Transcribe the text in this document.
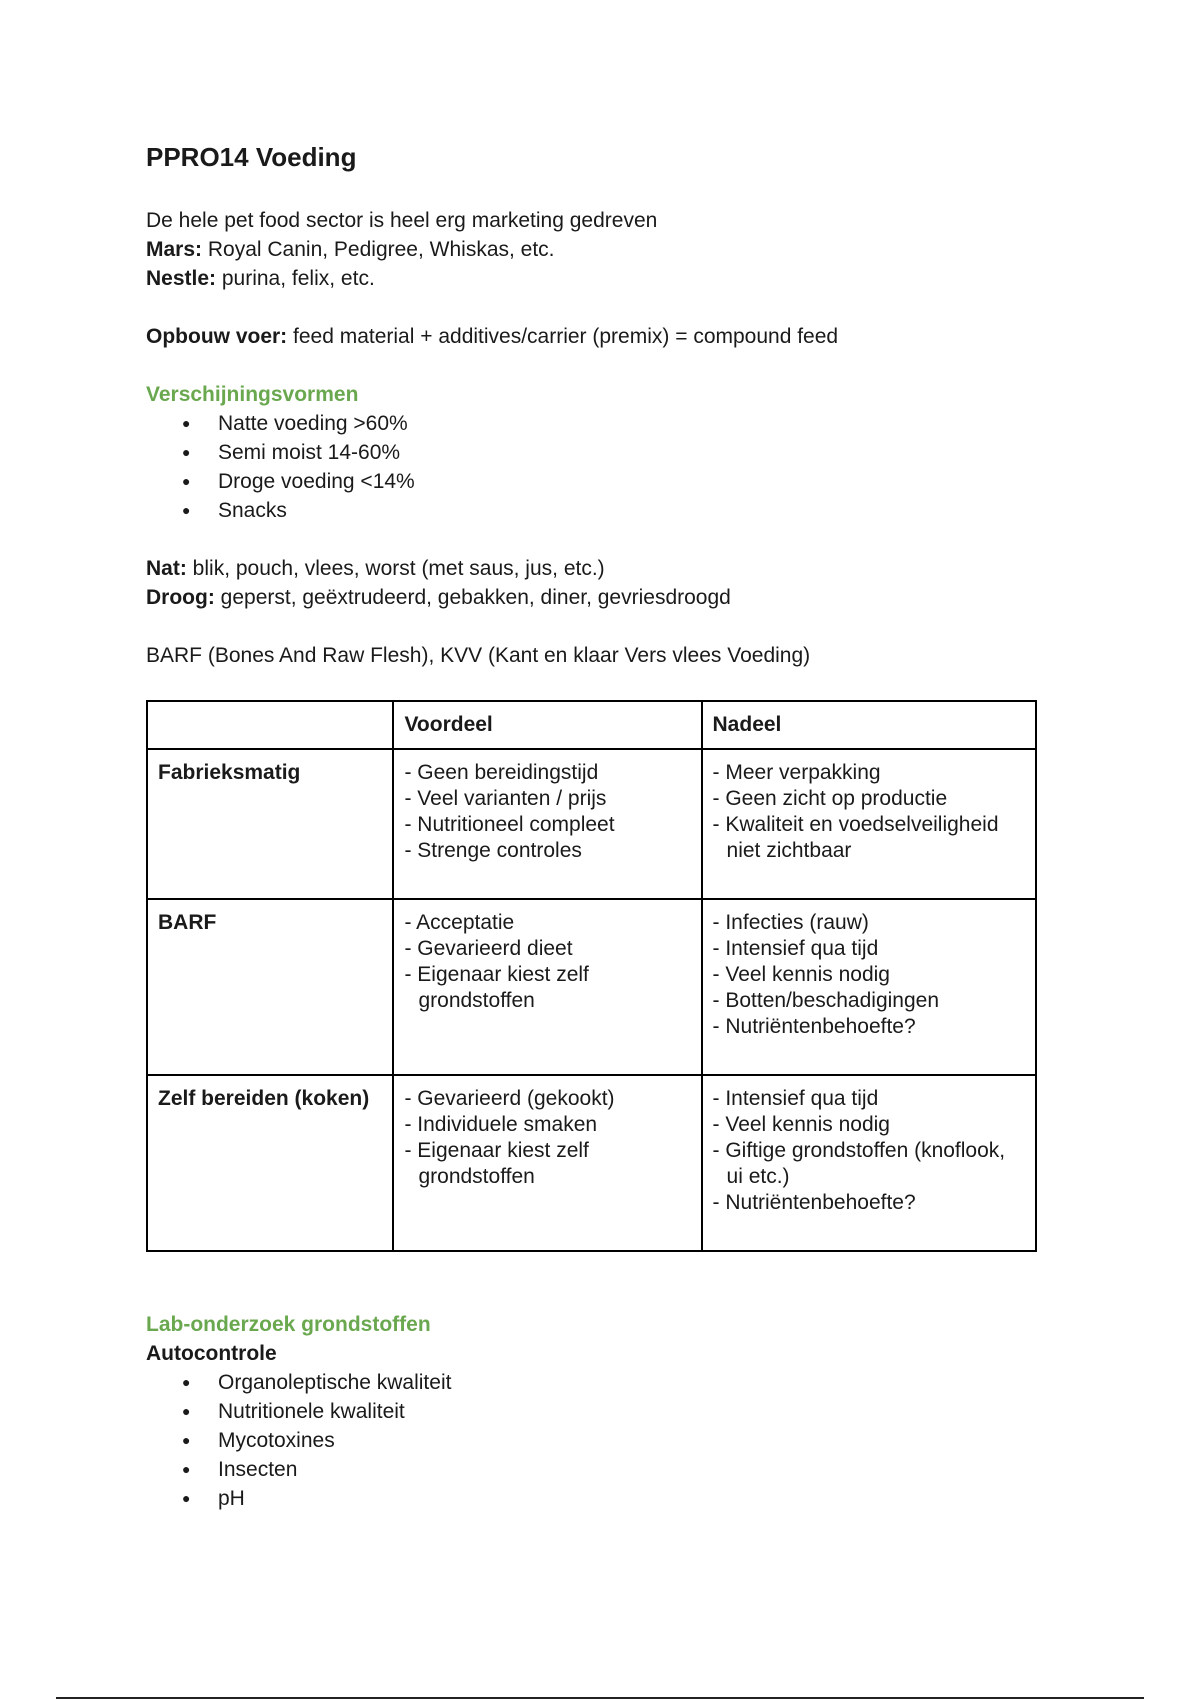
PPRO14 Voeding

De hele pet food sector is heel erg marketing gedreven

Mars: Royal Canin, Pedigree, Whiskas, etc.

Nestle: purina, felix, etc.

Opbouw voer: feed material + additives/carrier (premix) = compound feed

Verschijningsvormen

● Natte voeding >60%
● Semi moist 14-60%
● Droge voeding <14%
● Snacks

Nat: blik, pouch, vlees, worst (met saus, jus, etc.)

Droog: geperst, geëxtrudeerd, gebakken, diner, gevriesdroogd

BARF (Bones And Raw Flesh), KVV (Kant en klaar Vers vlees Voeding)

	Voordeel	Nadeel
Fabrieksmatig	- Geen bereidingstijd
- Veel varianten / prijs
- Nutritioneel compleet
- Strenge controles	- Meer verpakking
- Geen zicht op productie
- Kwaliteit en voedselveiligheid niet zichtbaar

BARF	- Acceptatie
- Gevarieerd dieet
- Eigenaar kiest zelf grondstoffen	- Infecties (rauw)
- Intensief qua tijd
- Veel kennis nodig
- Botten/beschadigingen
- Nutriëntenbehoefte?

Zelf bereiden (koken)	- Gevarieerd (gekookt)
- Individuele smaken
- Eigenaar kiest zelf grondstoffen	- Intensief qua tijd
- Veel kennis nodig
- Giftige grondstoffen (knoflook, ui etc.)
- Nutriëntenbehoefte?

Lab-onderzoek grondstoffen

Autocontrole

● Organoleptische kwaliteit
● Nutritionele kwaliteit
● Mycotoxines
● Insecten
● pH
